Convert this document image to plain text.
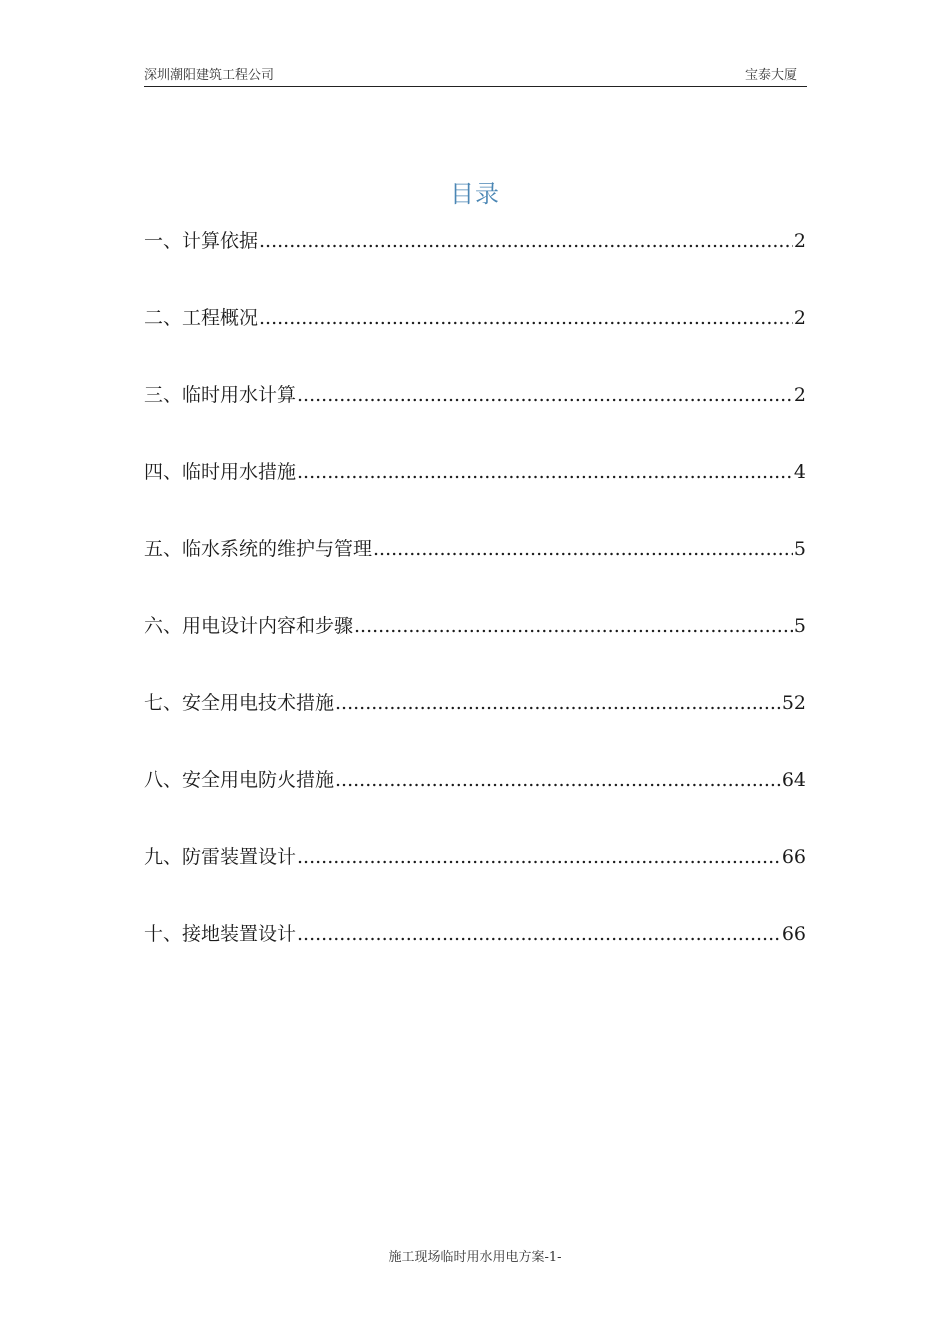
深圳潮阳建筑工程公司	宝泰大厦
目录
一、计算依据 .....	2
二、工程概况 .....	2
三、临时用水计算 .....	2
四、临时用水措施 .....	4
五、临水系统的维护与管理 .....	5
六、用电设计内容和步骤 .....	5
七、安全用电技术措施 .....	52
八、安全用电防火措施 .....	64
九、防雷装置设计 .....	66
十、接地装置设计 .....	66
施工现场临时用水用电方案-1-
